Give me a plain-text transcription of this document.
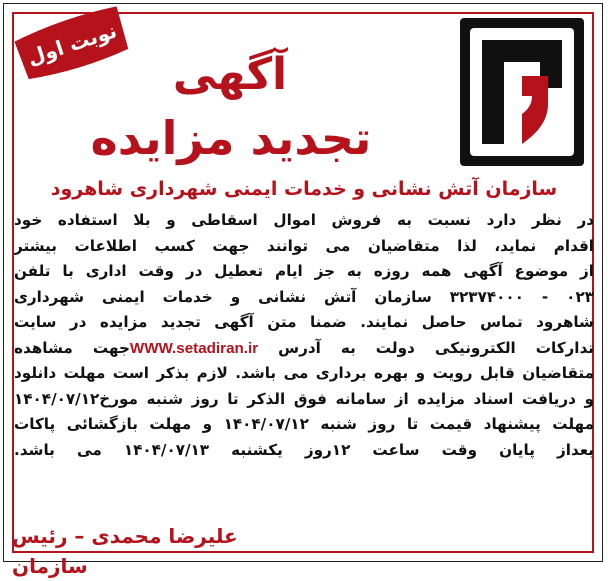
نوبت اول
آگهی
تجدید مزایده
سازمان آتش نشانی و خدمات ایمنی شهرداری شاهرود
در نظر دارد نسبت به فروش اموال اسقاطی و بلا استفاده خود
اقدام نماید، لذا متقاضیان می توانند جهت کسب اطلاعات بیشتر
از موضوع آگهی همه روزه به جز ایام تعطیل در وقت اداری با تلفن
۰۲۳ - ۳۲۳۷۴۰۰۰ سازمان آتش نشانی و خدمات ایمنی شهرداری
شاهرود تماس حاصل نمایند. ضمنا متن آگهی تجدید مزایده در سایت
تدارکات الکترونیکی دولت به آدرس WWW.setadiran.irجهت مشاهده
متقاضیان قابل رویت و بهره برداری می باشد. لازم بذکر است مهلت دانلود
و دریافت اسناد مزایده از سامانه فوق الذکر تا روز شنبه مورخ۱۴۰۴/۰۷/۱۲
مهلت پیشنهاد قیمت تا روز شنبه ۱۴۰۴/۰۷/۱۲ و مهلت بازگشائی پاکات
بعداز پایان وقت ساعت ۱۲روز یکشنبه ۱۴۰۴/۰۷/۱۳ می باشد.
علیرضا محمدی – رئیس سازمان
